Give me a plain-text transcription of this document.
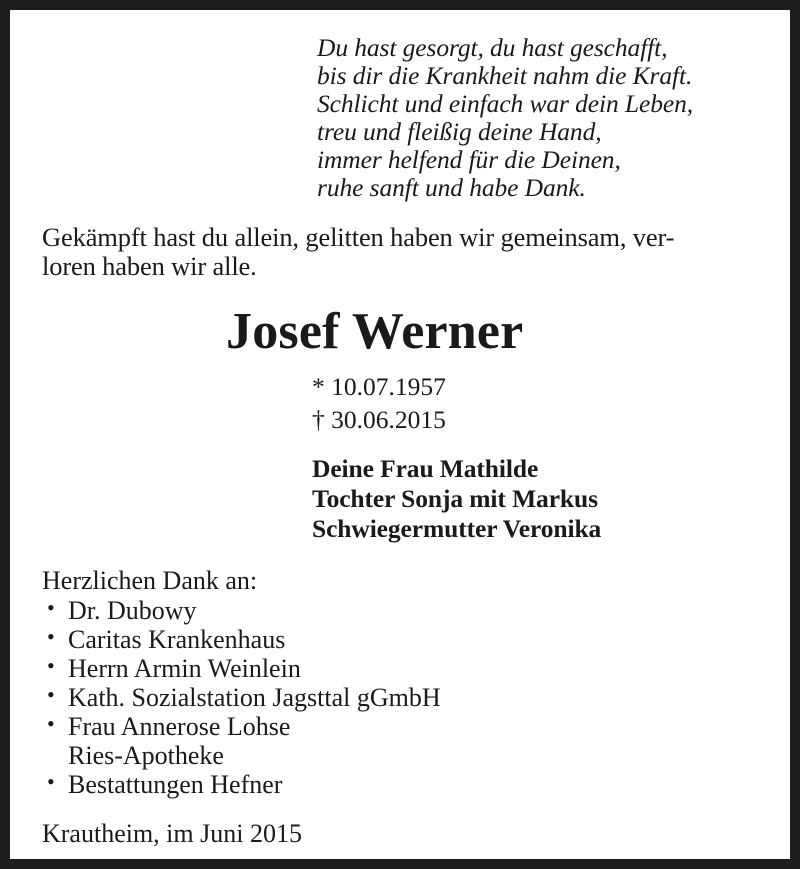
Du hast gesorgt, du hast geschafft,
bis dir die Krankheit nahm die Kraft.
Schlicht und einfach war dein Leben,
treu und fleißig deine Hand,
immer helfend für die Deinen,
ruhe sanft und habe Dank.
Gekämpft hast du allein, gelitten haben wir gemeinsam, ver-
loren haben wir alle.
Josef Werner
* 10.07.1957
† 30.06.2015
Deine Frau Mathilde
Tochter Sonja mit Markus
Schwiegermutter Veronika
Herzlichen Dank an:
• Dr. Dubowy
• Caritas Krankenhaus
• Herrn Armin Weinlein
• Kath. Sozialstation Jagsttal gGmbH
• Frau Annerose Lohse
Ries-Apotheke
• Bestattungen Hefner
Krautheim, im Juni 2015
